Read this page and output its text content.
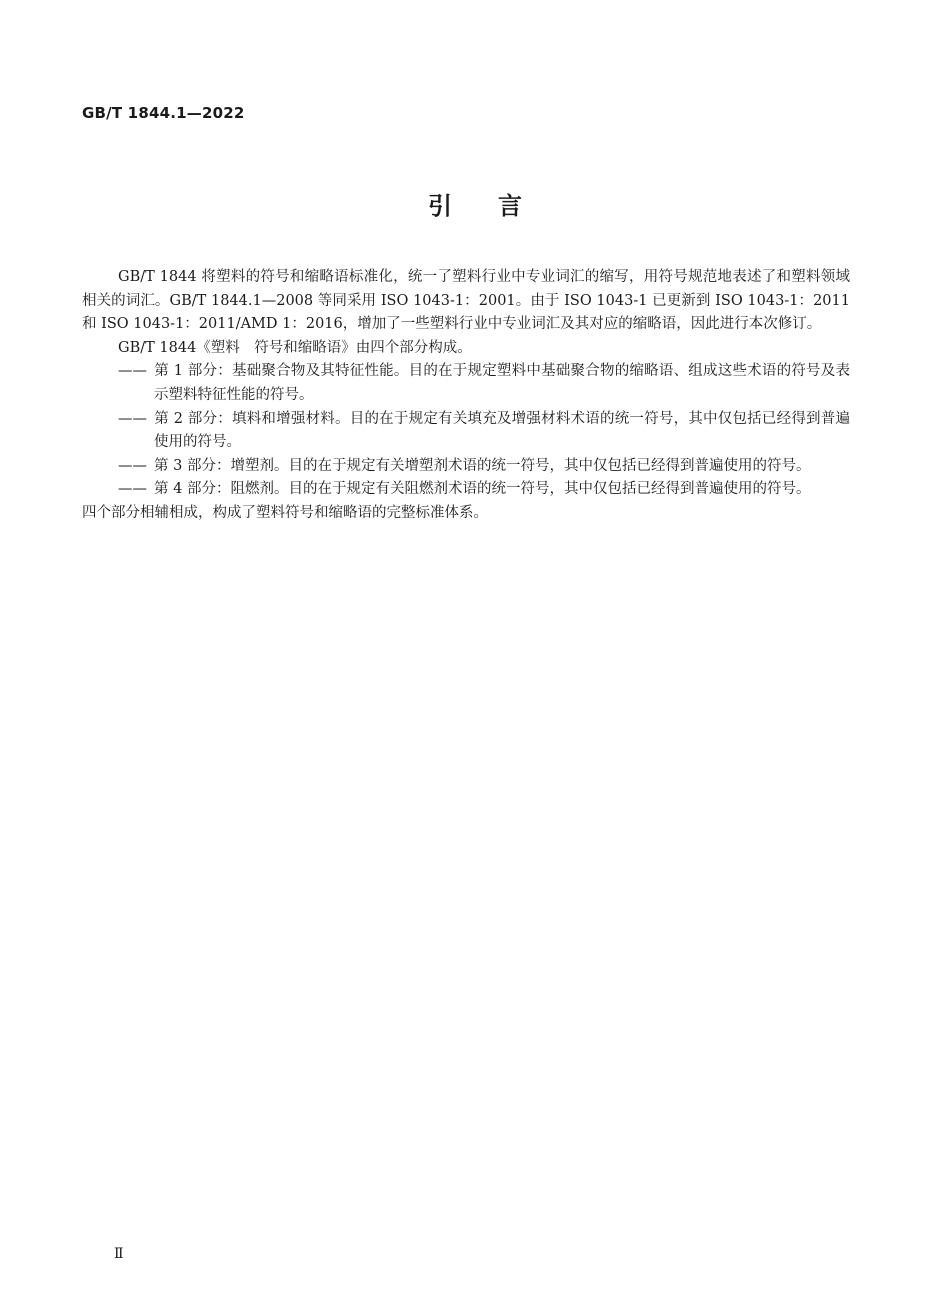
GB/T 1844.1—2022
引言

GB/T 1844 将塑料的符号和缩略语标准化，统一了塑料行业中专业词汇的缩写，用符号规范地表述了和塑料领域相关的词汇。GB/T 1844.1—2008 等同采用 ISO 1043-1：2001。由于 ISO 1043-1 已更新到 ISO 1043-1：2011 和 ISO 1043-1：2011/AMD 1：2016，增加了一些塑料行业中专业词汇及其对应的缩略语，因此进行本次修订。

GB/T 1844《塑料　符号和缩略语》由四个部分构成。

—— 第 1 部分：基础聚合物及其特征性能。目的在于规定塑料中基础聚合物的缩略语、组成这些术语的符号及表示塑料特征性能的符号。
—— 第 2 部分：填料和增强材料。目的在于规定有关填充及增强材料术语的统一符号，其中仅包括已经得到普遍使用的符号。
—— 第 3 部分：增塑剂。目的在于规定有关增塑剂术语的统一符号，其中仅包括已经得到普遍使用的符号。
—— 第 4 部分：阻燃剂。目的在于规定有关阻燃剂术语的统一符号，其中仅包括已经得到普遍使用的符号。

四个部分相辅相成，构成了塑料符号和缩略语的完整标准体系。

Ⅱ
